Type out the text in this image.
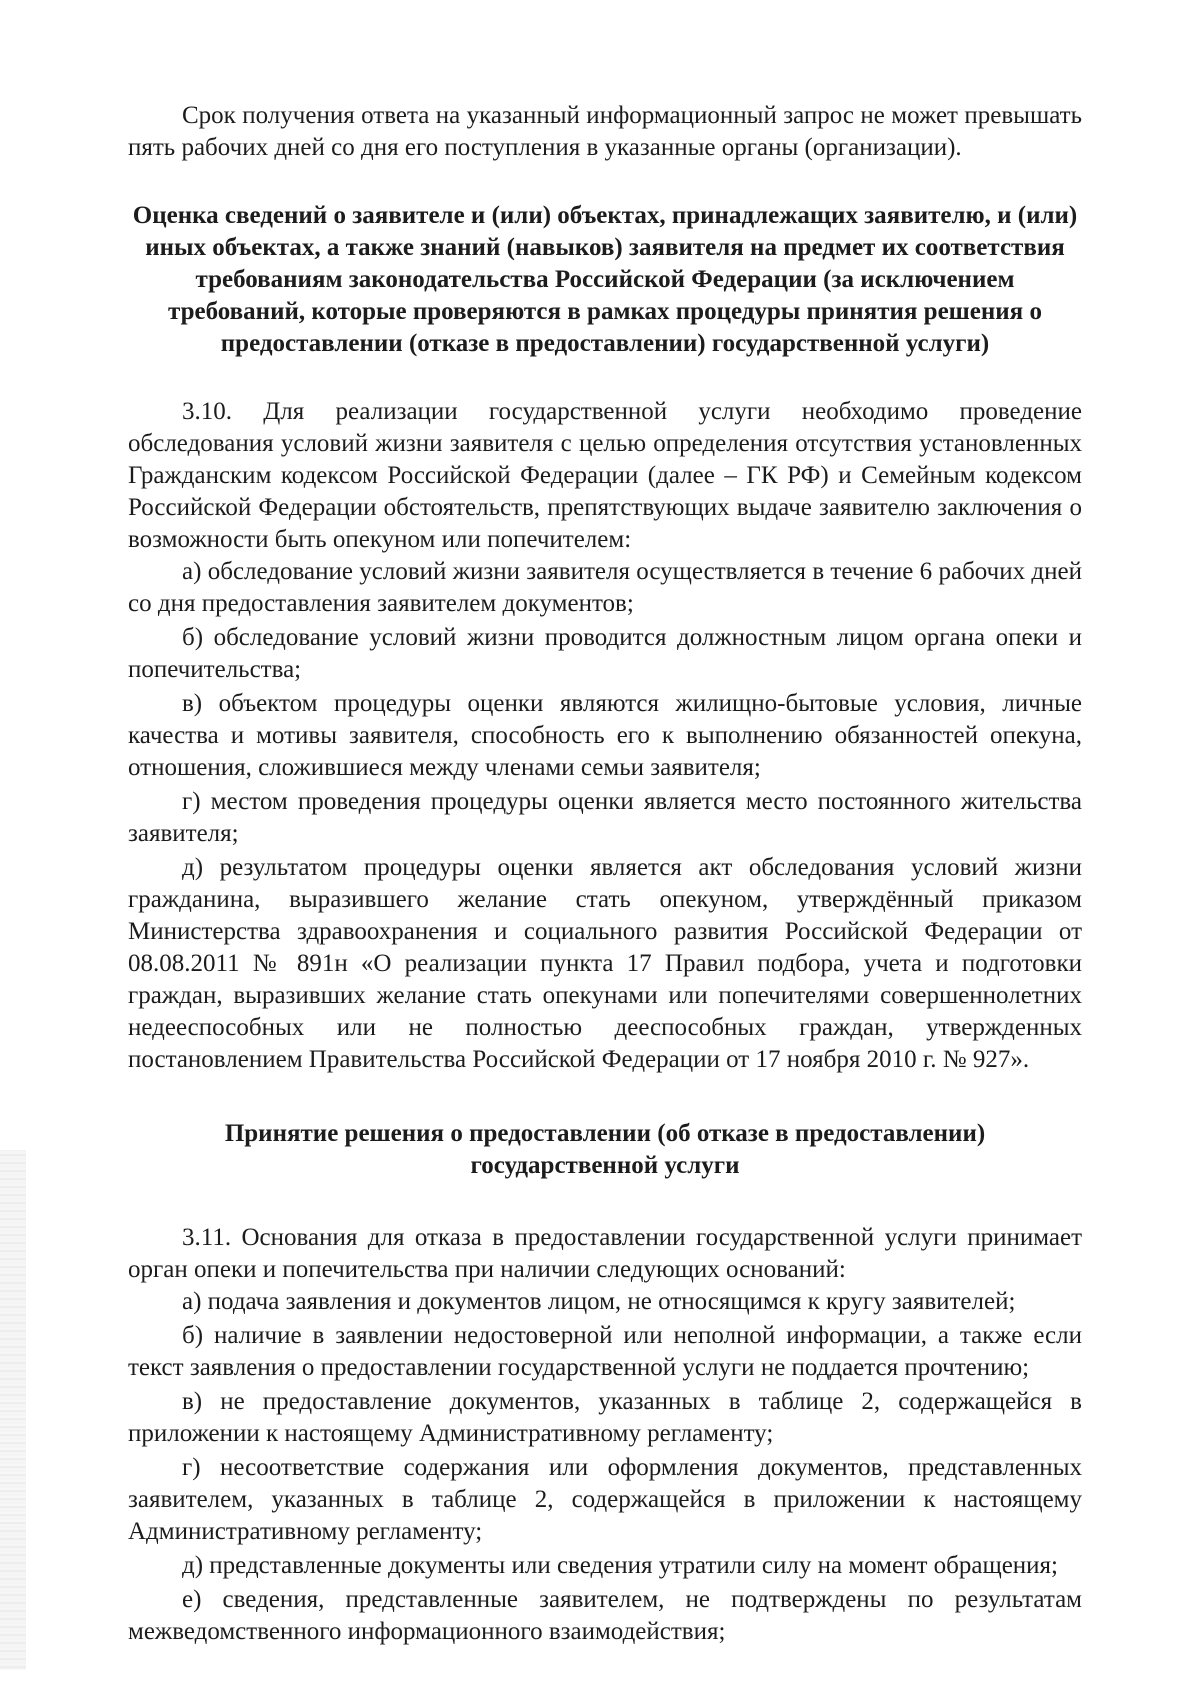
Срок получения ответа на указанный информационный запрос не может превышать пять рабочих дней со дня его поступления в указанные органы (организации).

Оценка сведений о заявителе и (или) объектах, принадлежащих заявителю, и (или) иных объектах, а также знаний (навыков) заявителя на предмет их соответствия требованиям законодательства Российской Федерации (за исключением требований, которые проверяются в рамках процедуры принятия решения о предоставлении (отказе в предоставлении) государственной услуги)

3.10. Для реализации государственной услуги необходимо проведение обследования условий жизни заявителя с целью определения отсутствия установленных Гражданским кодексом Российской Федерации (далее – ГК РФ) и Семейным кодексом Российской Федерации обстоятельств, препятствующих выдаче заявителю заключения о возможности быть опекуном или попечителем:

а) обследование условий жизни заявителя осуществляется в течение 6 рабочих дней со дня предоставления заявителем документов;

б) обследование условий жизни проводится должностным лицом органа опеки и попечительства;

в) объектом процедуры оценки являются жилищно-бытовые условия, личные качества и мотивы заявителя, способность его к выполнению обязанностей опекуна, отношения, сложившиеся между членами семьи заявителя;

г) местом проведения процедуры оценки является место постоянного жительства заявителя;

д) результатом процедуры оценки является акт обследования условий жизни гражданина, выразившего желание стать опекуном, утверждённый приказом Министерства здравоохранения и социального развития Российской Федерации от 08.08.2011 № 891н «О реализации пункта 17 Правил подбора, учета и подготовки граждан, выразивших желание стать опекунами или попечителями совершеннолетних недееспособных или не полностью дееспособных граждан, утвержденных постановлением Правительства Российской Федерации от 17 ноября 2010 г. № 927».

Принятие решения о предоставлении (об отказе в предоставлении) государственной услуги

3.11. Основания для отказа в предоставлении государственной услуги принимает орган опеки и попечительства при наличии следующих оснований:

а) подача заявления и документов лицом, не относящимся к кругу заявителей;

б) наличие в заявлении недостоверной или неполной информации, а также если текст заявления о предоставлении государственной услуги не поддается прочтению;

в) не предоставление документов, указанных в таблице 2, содержащейся в приложении к настоящему Административному регламенту;

г) несоответствие содержания или оформления документов, представленных заявителем, указанных в таблице 2, содержащейся в приложении к настоящему Административному регламенту;

д) представленные документы или сведения утратили силу на момент обращения;

е) сведения, представленные заявителем, не подтверждены по результатам межведомственного информационного взаимодействия;
